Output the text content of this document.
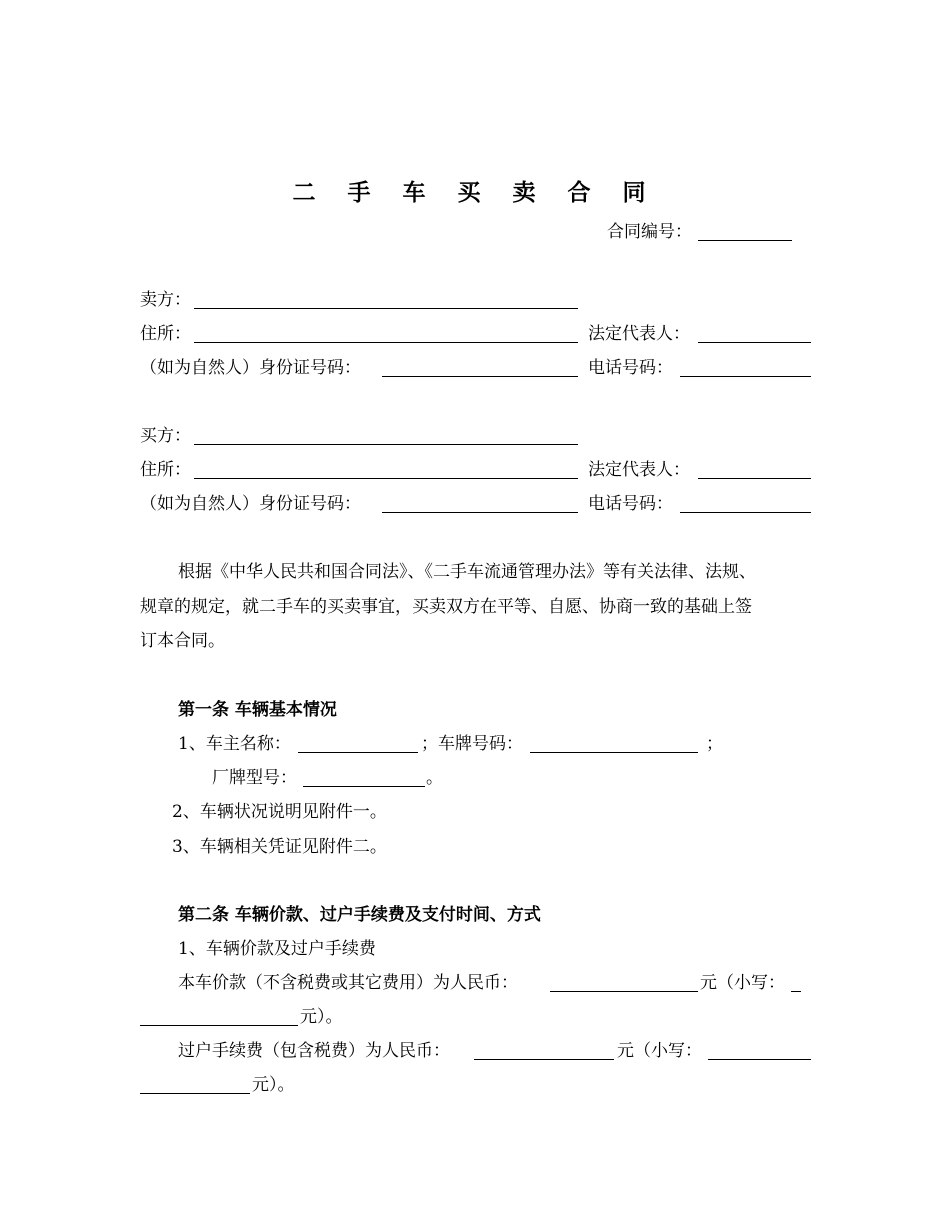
二 手 车 买 卖 合 同
合同编号：
卖方：
住所：	法定代表人：
（如为自然人）身份证号码：	电话号码：
买方：
住所：	法定代表人：
（如为自然人）身份证号码：	电话号码：
根据《中华人民共和国合同法》、《二手车流通管理办法》等有关法律、法规、
规章的规定，就二手车的买卖事宜，买卖双方在平等、自愿、协商一致的基础上签
订本合同。
第一条 车辆基本情况
1、车主名称：	；车牌号码：	；
厂牌型号：	。
2、车辆状况说明见附件一。
3、车辆相关凭证见附件二。
第二条 车辆价款、过户手续费及支付时间、方式
1、车辆价款及过户手续费
本车价款（不含税费或其它费用）为人民币：	元（小写：
元）。
过户手续费（包含税费）为人民币：	元（小写：
元）。
